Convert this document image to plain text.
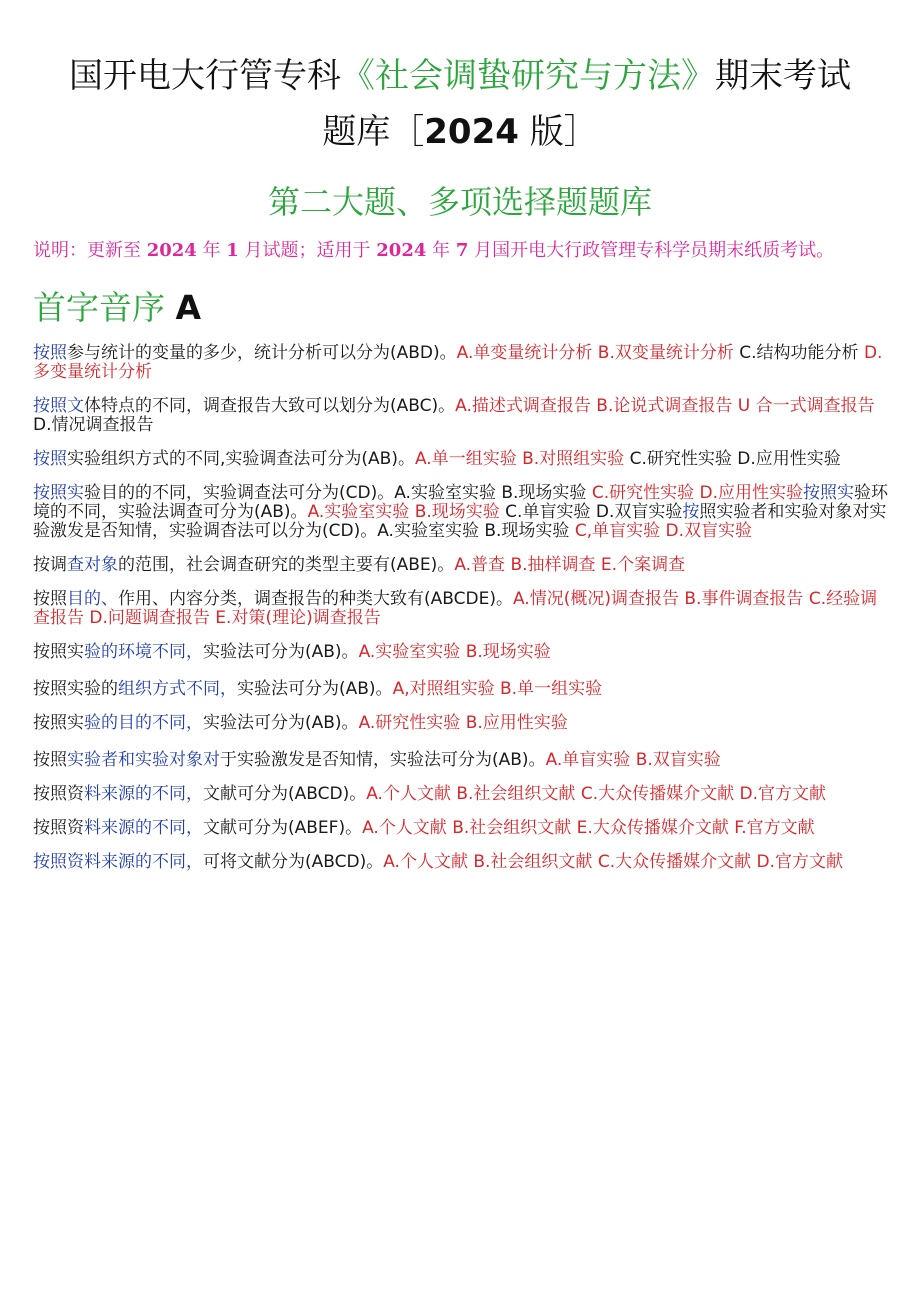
国开电大行管专科《社会调蛰研究与方法》期末考试
题库［2024 版］
第二大题、多项选择题题库
说明：更新至 2024 年 1 月试题；适用于 2024 年 7 月国开电大行政管理专科学员期末纸质考试。
首字音序 A
按照参与统计的变量的多少，统计分析可以分为(ABD)。A.单变量统计分析 B.双变量统计分析 C.结构功能分析 D.多变量统计分析
按照文体特点的不同，调查报告大致可以划分为(ABC)。A.描述式调查报告 B.论说式调查报告 U 合一式调查报告 D.情况调查报告
按照实验组织方式的不同,实验调查法可分为(AB)。A.单一组实验 B.对照组实验 C.研究性实验 D.应用性实验
按照实验目的的不同，实验调查法可分为(CD)。A.实验室实验 B.现场实验 C.研究性实验 D.应用性实验按照实验环境的不同，实验法调查可分为(AB)。A.实验室实验 B.现场实验 C.单盲实验 D.双盲实验按照实验者和实验对象对实验激发是否知情，实验调杳法可以分为(CD)。A.实验室实验 B.现场实验 C,单盲实验 D.双盲实验
按调查对象的范围，社会调查研究的类型主要有(ABE)。A.普查 B.抽样调查 E.个案调查
按照目的、作用、内容分类，调查报告的种类大致有(ABCDE)。A.情况(概况)调查报告 B.事件调查报告 C.经验调查报告 D.问题调查报告 E.对策(理论)调查报告
按照实验的环境不同，实验法可分为(AB)。A.实验室实验 B.现场实验
按照实验的组织方式不同，实验法可分为(AB)。A,对照组实验 B.单一组实验
按照实验的目的不同，实验法可分为(AB)。A.研究性实验 B.应用性实验
按照实验者和实验对象对于实验激发是否知情，实验法可分为(AB)。A.单盲实验 B.双盲实验
按照资料来源的不同，文献可分为(ABCD)。A.个人文献 B.社会组织文献 C.大众传播媒介文献 D.官方文献
按照资料来源的不同，文献可分为(ABEF)。A.个人文献 B.社会组织文献 E.大众传播媒介文献 F.官方文献
按照资料来源的不同，可将文献分为(ABCD)。A.个人文献 B.社会组织文献 C.大众传播媒介文献 D.官方文献
